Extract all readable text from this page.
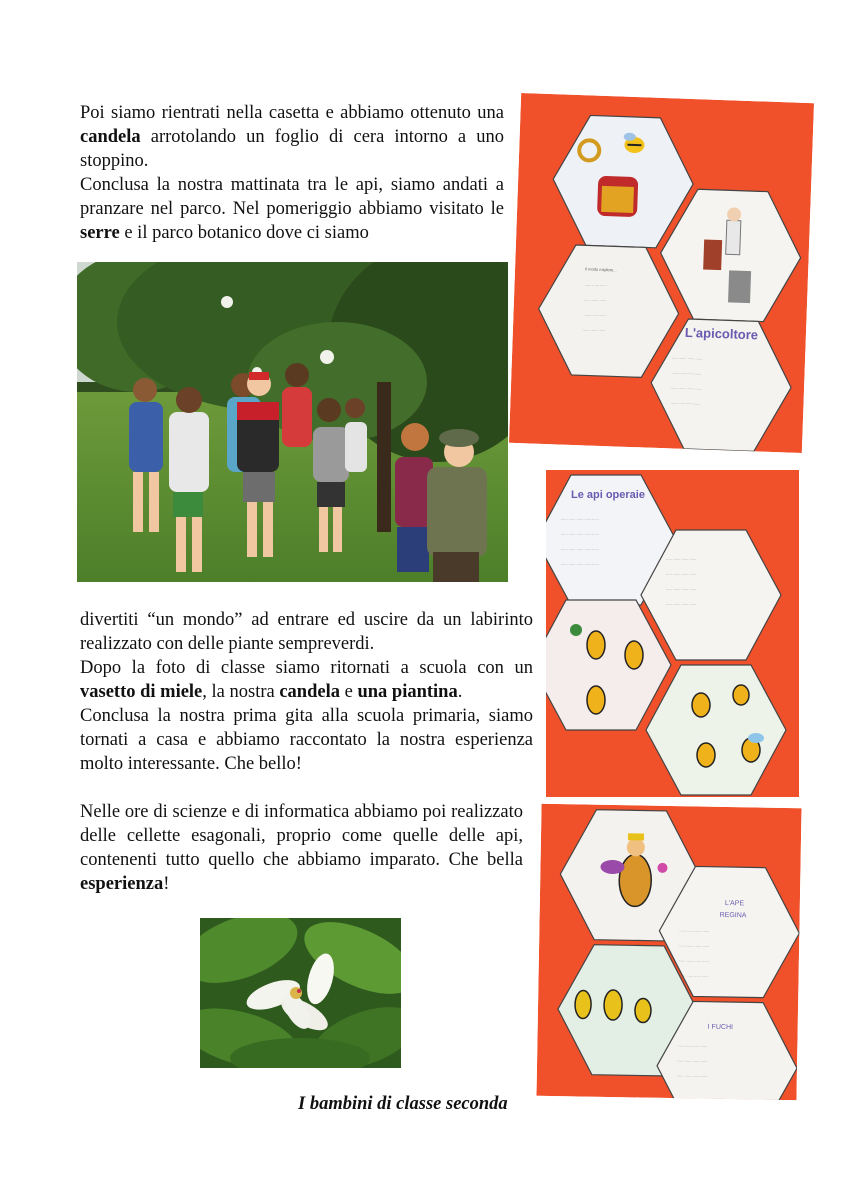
Poi siamo rientrati nella casetta e abbiamo ottenuto una candela arrotolando un foglio di cera intorno a uno stoppino.
Conclusa la nostra mattinata tra le api, siamo andati a pranzare nel parco. Nel pomeriggio abbiamo visitato le serre e il parco botanico dove ci siamo

divertiti “un mondo” ad entrare ed uscire da un labirinto realizzato con delle piante sempreverdi.
Dopo la foto di classe siamo ritornati a scuola con un vasetto di miele, la nostra candela e una piantina.
Conclusa la nostra prima gita alla scuola primaria, siamo tornati a casa e abbiamo raccontato la nostra esperienza molto interessante. Che bello!

Nelle ore di scienze e di informatica abbiamo poi realizzato delle cellette esagonali, proprio come quelle delle api, contenenti tutto quello che abbiamo imparato. Che bella esperienza!

Il modo migliore...
...... ...... ......
...... ...... ......
...... ...... ......
...... ...... ......	L'apicoltore
...... ...... ...... ......
...... ...... ...... ......
...... ...... ...... ......
...... ...... ...... ......
Le api operaie
...... ...... ...... ...... ......
...... ...... ...... ...... ......
...... ...... ...... ...... ......
...... ...... ...... ...... ......
...... ...... ...... ......
...... ...... ...... ......
...... ...... ...... ......
...... ...... ...... ......
L'APE
REGINA
...... ...... ...... ......
...... ...... ...... ......
...... ...... ...... ......
...... ...... ...... ......
I FUCHI
...... ...... ...... ......
...... ...... ...... ......
...... ...... ...... ......
I bambini di classe seconda
